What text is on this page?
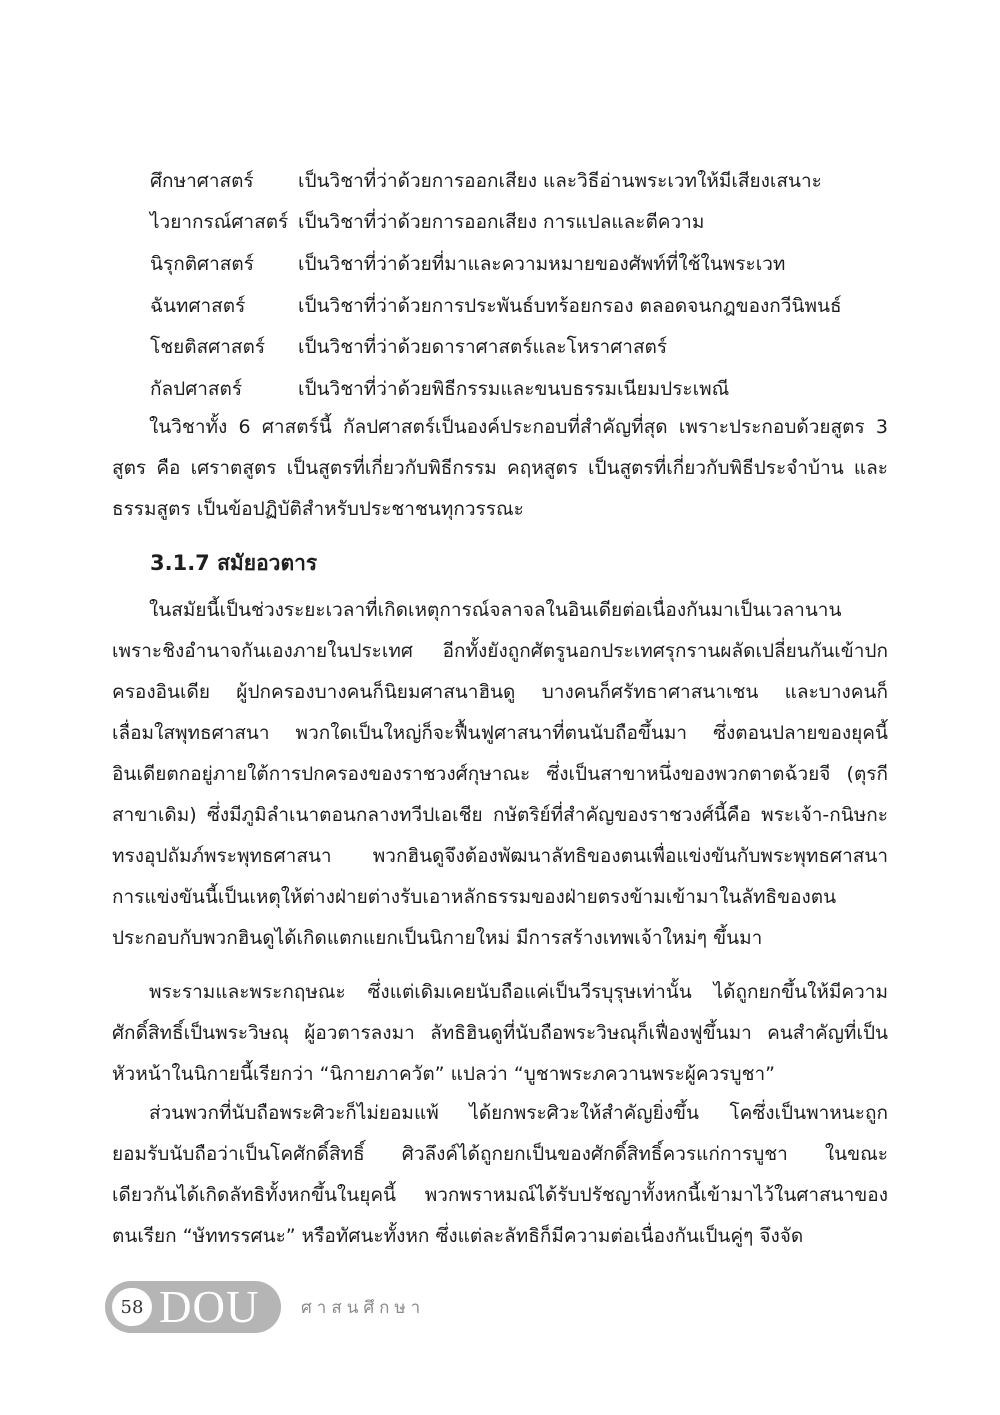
ศึกษาศาสตร์	เป็นวิชาที่ว่าด้วยการออกเสียง และวิธีอ่านพระเวทให้มีเสียงเสนาะ
ไวยากรณ์ศาสตร์ เป็นวิชาที่ว่าด้วยการออกเสียง การแปลและตีความ
นิรุกติศาสตร์	เป็นวิชาที่ว่าด้วยที่มาและความหมายของศัพท์ที่ใช้ในพระเวท
ฉันทศาสตร์	เป็นวิชาที่ว่าด้วยการประพันธ์บทร้อยกรอง ตลอดจนกฎของกวีนิพนธ์
โชยติสศาสตร์	เป็นวิชาที่ว่าด้วยดาราศาสตร์และโหราศาสตร์
กัลปศาสตร์	เป็นวิชาที่ว่าด้วยพิธีกรรมและขนบธรรมเนียมประเพณี

ในวิชาทั้ง 6 ศาสตร์นี้ กัลปศาสตร์เป็นองค์ประกอบที่สำคัญที่สุด เพราะประกอบด้วยสูตร 3 สูตร คือ เศราตสูตร เป็นสูตรที่เกี่ยวกับพิธีกรรม คฤหสูตร เป็นสูตรที่เกี่ยวกับพิธีประจำบ้าน และธรรมสูตร เป็นข้อปฏิบัติสำหรับประชาชนทุกวรรณะ

3.1.7 สมัยอวตาร

ในสมัยนี้เป็นช่วงระยะเวลาที่เกิดเหตุการณ์จลาจลในอินเดียต่อเนื่องกันมาเป็นเวลานาน เพราะชิงอำนาจกันเองภายในประเทศ อีกทั้งยังถูกศัตรูนอกประเทศรุกรานผลัดเปลี่ยนกันเข้าปกครองอินเดีย ผู้ปกครองบางคนก็นิยมศาสนาฮินดู บางคนก็ศรัทธาศาสนาเชน และบางคนก็เลื่อมใสพุทธศาสนา พวกใดเป็นใหญ่ก็จะฟื้นฟูศาสนาที่ตนนับถือขึ้นมา ซึ่งตอนปลายของยุคนี้อินเดียตกอยู่ภายใต้การปกครองของราชวงศ์กุษาณะ ซึ่งเป็นสาขาหนึ่งของพวกตาตฉ้วยจี (ตุรกีสาขาเดิม) ซึ่งมีภูมิลำเนาตอนกลางทวีปเอเชีย กษัตริย์ที่สำคัญของราชวงศ์นี้คือ พระเจ้า-กนิษกะทรงอุปถัมภ์พระพุทธศาสนา พวกฮินดูจึงต้องพัฒนาลัทธิของตนเพื่อแข่งขันกับพระพุทธศาสนา การแข่งขันนี้เป็นเหตุให้ต่างฝ่ายต่างรับเอาหลักธรรมของฝ่ายตรงข้ามเข้ามาในลัทธิของตน ประกอบกับพวกฮินดูได้เกิดแตกแยกเป็นนิกายใหม่ มีการสร้างเทพเจ้าใหม่ๆ ขึ้นมา

พระรามและพระกฤษณะ ซึ่งแต่เดิมเคยนับถือแค่เป็นวีรบุรุษเท่านั้น ได้ถูกยกขึ้นให้มีความศักดิ์สิทธิ์เป็นพระวิษณุ ผู้อวตารลงมา ลัทธิฮินดูที่นับถือพระวิษณุก็เฟื่องฟูขึ้นมา คนสำคัญที่เป็นหัวหน้าในนิกายนี้เรียกว่า “นิกายภาควัต” แปลว่า “บูชาพระภควานพระผู้ควรบูชา”

ส่วนพวกที่นับถือพระศิวะก็ไม่ยอมแพ้ ได้ยกพระศิวะให้สำคัญยิ่งขึ้น โคซึ่งเป็นพาหนะถูกยอมรับนับถือว่าเป็นโคศักดิ์สิทธิ์ ศิวลึงค์ได้ถูกยกเป็นของศักดิ์สิทธิ์ควรแก่การบูชา ในขณะเดียวกันได้เกิดลัทธิทั้งหกขึ้นในยุคนี้ พวกพราหมณ์ได้รับปรัชญาทั้งหกนี้เข้ามาไว้ในศาสนาของตนเรียก “ษัททรรศนะ” หรือทัศนะทั้งหก ซึ่งแต่ละลัทธิก็มีความต่อเนื่องกันเป็นคู่ๆ จึงจัด

58 DOU ศาสนศึกษา
